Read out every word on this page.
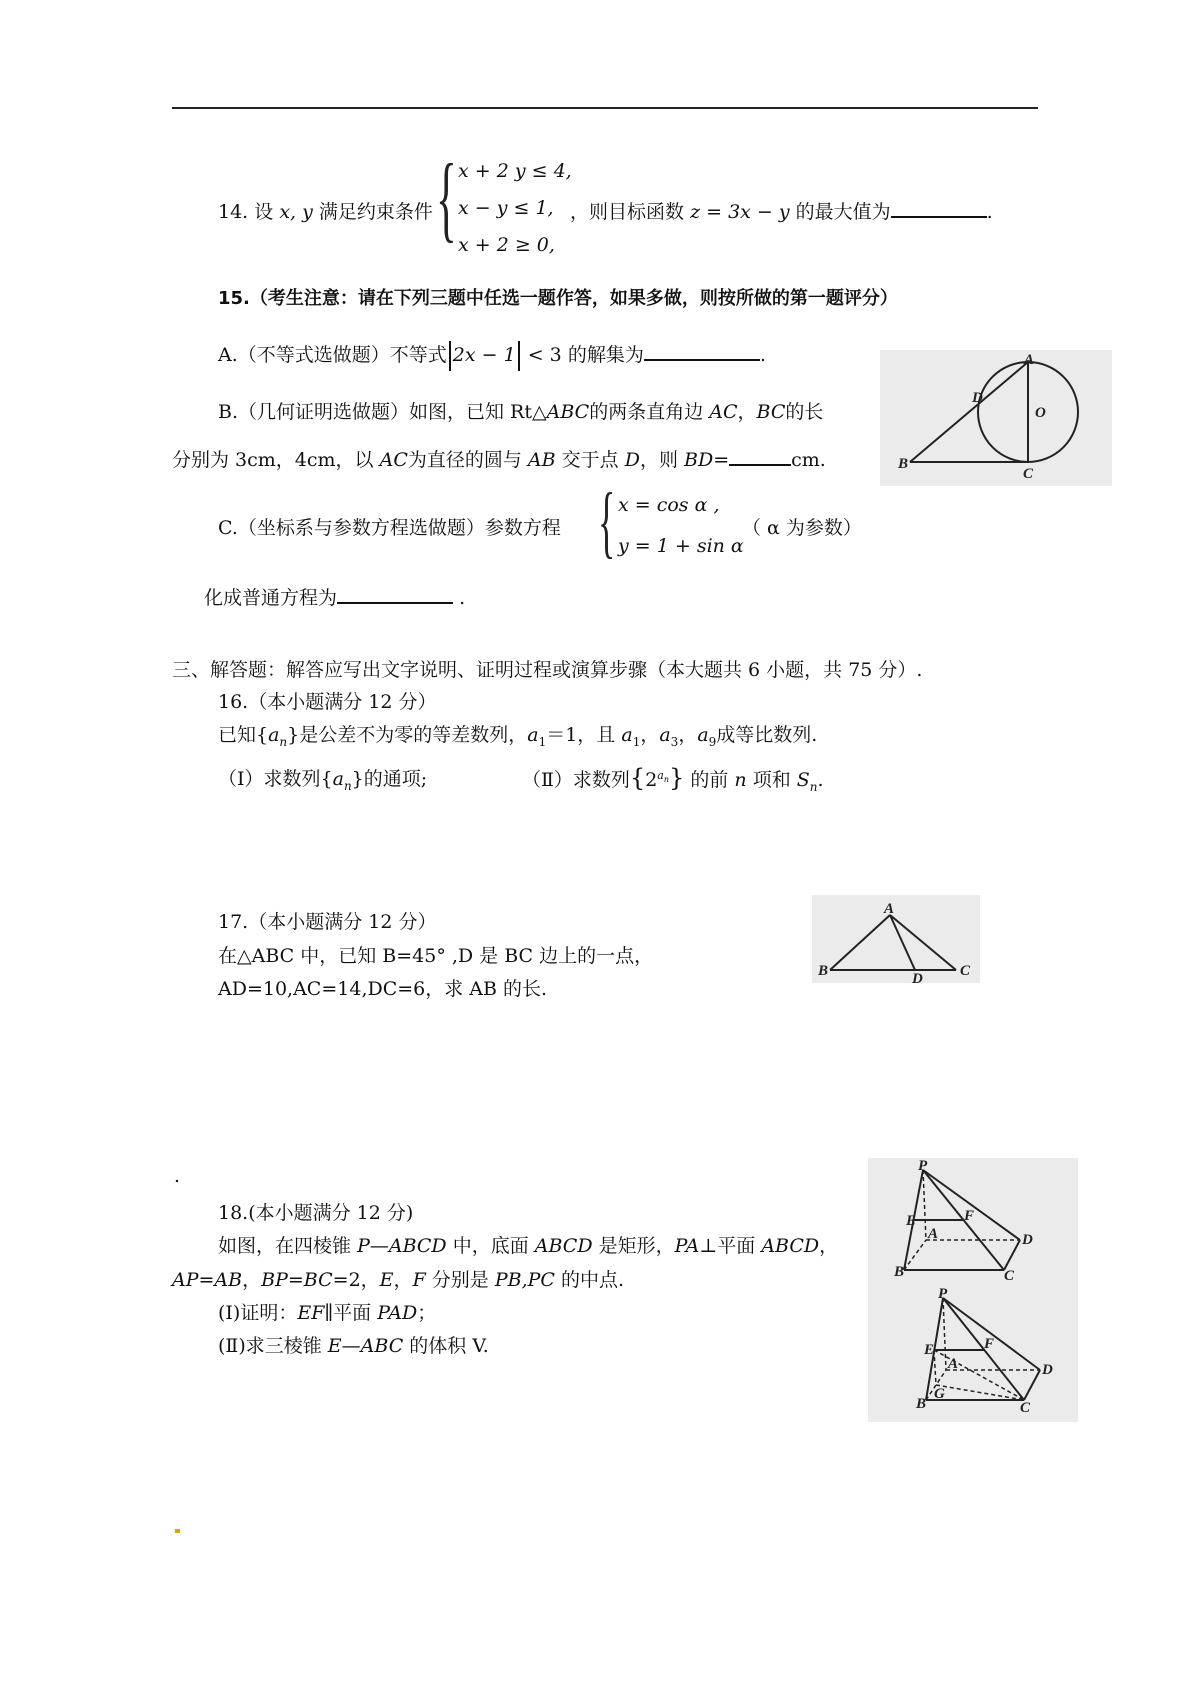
14. 设 x, y 满足约束条件 { x + 2 y ≤ 4,
x − y ≤ 1,
x + 2 ≥ 0,
，则目标函数 z = 3x − y 的最大值为	.
15.（考生注意：请在下列三题中任选一题作答，如果多做，则按所做的第一题评分）
A.（不等式选做题）不等式 2x − 1 < 3 的解集为	.
B.（几何证明选做题）如图，已知 Rt△ABC的两条直角边 AC，BC的长
分别为 3cm，4cm，以 AC为直径的圆与 AB 交于点 D，则 BD=	cm.
A
D
O
B
C
C.（坐标系与参数方程选做题）参数方程 { x = cos α ,
y = 1 + sin α
（ α 为参数）
化成普通方程为	.
三、解答题：解答应写出文字说明、证明过程或演算步骤（本大题共 6 小题，共 75 分）.
16.（本小题满分 12 分）
已知$\{a_n\}$是公差不为零的等差数列，$a_1=1$，且 $a_1$，$a_3$，$a_9$成等比数列.
（Ⅰ）求数列$\{a_n\}$的通项;	（Ⅱ）求数列$\{2^{a_n}\}$ 的前 n 项和 $S_n$.
17.（本小题满分 12 分）
在△ABC 中，已知 B=45° ,D 是 BC 边上的一点，
AD=10,AC=14,DC=6，求 AB 的长.
A
B	D C
.
18.(本小题满分 12 分)
如图，在四棱锥 P—ABCD 中，底面 ABCD 是矩形，PA⊥平面 ABCD，
AP=AB，BP=BC=2，E，F 分别是 PB,PC 的中点.
(Ⅰ)证明：EF∥平面 PAD；
(Ⅱ)求三棱锥 E—ABC 的体积 V.
P
E	F
A	D
B	C
P
E	F
A	D
G
B	C
